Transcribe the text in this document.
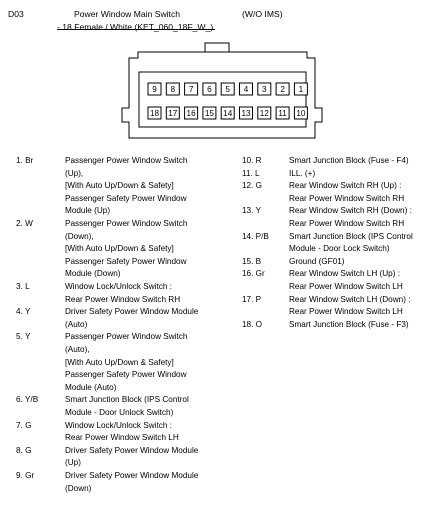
D03	Power Window Main Switch	(W/O IMS)
- 18 Female / White (KET_060_18F_W_)
9 8 7 6 5 4 3 2 1
18 17 16 15 14 13 12 11 10
1. Br	Passenger Power Window Switch
(Up),
[With Auto Up/Down & Safety]
Passenger Safety Power Window
Module (Up)
2. W	Passenger Power Window Switch
(Down),
[With Auto Up/Down & Safety]
Passenger Safety Power Window
Module (Down)
3. L	Window Lock/Unlock Switch :
Rear Power Window Switch RH
4. Y	Driver Safety Power Window Module
(Auto)
5. Y	Passenger Power Window Switch
(Auto),
[With Auto Up/Down & Safety]
Passenger Safety Power Window
Module (Auto)
6. Y/B	Smart Junction Block (IPS Control
Module - Door Unlock Switch)
7. G	Window Lock/Unlock Switch :
Rear Power Window Switch LH
8. G	Driver Safety Power Window Module
(Up)
9. Gr	Driver Safety Power Window Module
(Down)
10. R	Smart Junction Block (Fuse - F4)
11. L	ILL. (+)
12. G	Rear Window Switch RH (Up) :
Rear Power Window Switch RH
13. Y	Rear Window Switch RH (Down) :
Rear Power Window Switch RH
14. P/B Smart Junction Block (IPS Control
Module - Door Lock Switch)
15. B	Ground (GF01)
16. Gr	Rear Window Switch LH (Up) :
Rear Power Window Switch LH
17. P	Rear Window Switch LH (Down) :
Rear Power Window Switch LH
18. O	Smart Junction Block (Fuse - F3)
